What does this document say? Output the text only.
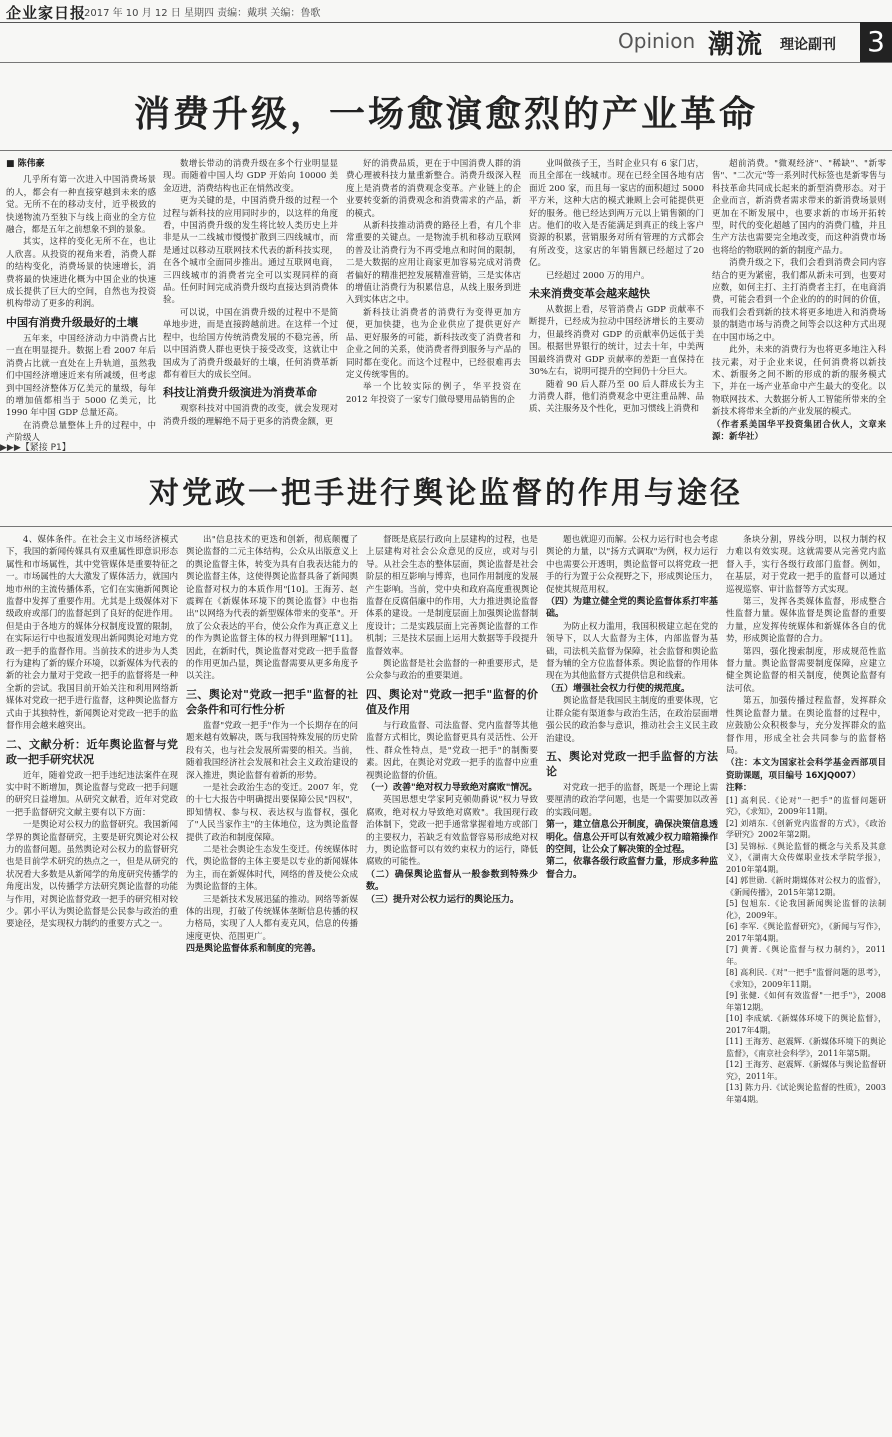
企业家日报
2017 年 10 月 12 日 星期四 责编：戴琪 关编：鲁歌
Opinion 潮流 理论副刊 3
消费升级，一场愈演愈烈的产业革命
■ 陈伟豪

几乎所有第一次进入中国消费场景的人，都会有一种直接穿越到未来的感觉。无所不在的移动支付，近乎极致的快递物流乃至独下与线上商业的全方位融合，都是五年之前想象不到的景象。

其实，这样的变化无所不在，也让人欣喜。从投资的视角来看，消费人群的结构变化，消费场景的快速增长，消费将最的快速进化概为中国企业的快速成长提供了巨大的空间，自然也为投资机构带动了更多的利润。

中国有消费升级最好的土壤

五年来，中国经济动力中消费占比一直在明显提升。数据上看 2007 年后消费占比就一直处在上升轨道，虽然我们中国经济增速近来有所减缓，但考虑到中国经济整体万亿美元的量级，每年的增加值都相当于 5000 亿美元，比 1990 年中国 GDP 总量还高。

在消费总量整体上升的过程中，中产阶级人

数增长带动的消费升级在多个行业明显显现。而随着中国人均 GDP 开始向 10000 美金迈进，消费结构也正在悄然改变。

更为关键的是，中国消费升级的过程一个过程与新科技的应用同时步的，以这样的角度看，中国消费升级的发生将比较人类历史上并非是从一二线城市慢慢扩散到三四线城市，而是通过以移动互联网技术代表的新科技实现，在各个城市全面同步推出。通过互联网电商，三四线城市的消费者完全可以实现同样的商品。任何时间完成消费升级均直接达到消费体验。

可以说，中国在消费升级的过程中不是简单地步进，而是直接跨越前进。在这样一个过程中，也给国方传统消费发展的不稳完善，所以中国消费人群也更快于接受改变，这就让中国成为了消费升级最好的土壤，任何消费革新都有着巨大的成长空间。

科技让消费升级演进为消费革命

观察科技对中国消费的改变，就会发现对消费升级的理解绝不局于更多的消费金额，更

好的消费品质，更在于中国消费人群的消费心理被科技力量重新整合。消费升级深入程度上是消费者的消费观念变革。产业链上的企业要转变新的消费观念和消费需求的产品，新的模式。

从新科技推动消费的路径上看，有几个非常重要的关键点。一是物流手机和移动互联网的普及让消费行为不再受地点和时间的限制，二是大数据的应用让商家更加容易完成对消费者偏好的精准把控发展精准营销，三是实体店的增值让消费行为积累信息，从线上服务到进入到实体店之中。

新科技让消费者的消费行为变得更加方便，更加快捷，也为企业供应了提供更好产品、更好服务的可能，新科技改变了消费者和企业之间的关系，使消费者得到服务与产品的同时都在变化。而这个过程中，已经很难再去定义传统零售的。

举一个比较实际的例子，华平投资在 2012 年投资了一家专门做母婴用品销售的企

业叫做孩子王，当时企业只有 6 家门店，而且全部在一线城市。现在已经全国各地有店面近 200 家，而且每一家店的面积超过 5000 平方米，这种大店的模式兼顾上会可能提供更好的服务。他已经达到两万元以上销售额的门店。他们的收入是否能满足到真正的线上客户资源的积累，营销服务对所有管理的方式都会有所改变，这家店的年销售额已经超过了20亿。

已经超过 2000 万的用户。

未来消费变革会越来越快

从数据上看，尽管消费占 GDP 贡献率不断提升，已经成为拉动中国经济增长的主要动力，但最终消费对 GDP 的贡献率仍远低于美国。根据世界银行的统计，过去十年，中美两国最终消费对 GDP 贡献率的差距一直保持在 30%左右，说明可提升的空间仍十分巨大。

随着 90 后人群乃至 00 后人群成长为主力消费人群，他们消费观念中更注重品牌、品质、关注服务及个性化，更加习惯线上消费和

超前消费。"微观经济"、"稀缺"、"新零售"、"二次元"等一系列时代标签也是新零售与科技革命共同成长起来的新型消费形态。对于企业而言，新消费者需求带来的新消费场景则更加在不断发展中，也要求新的市场开拓转型，时代的变化超越了国内的消费门槛，并且生产方法也需要完全地改变，而这种消费市场也将给的物联网的新的制度产品力。

消费升级之下，我们会看到消费会同内容结合的更为紧密，我们都从新未可到，也要对应数，如何主打、主打消费者主打，在电商消费，可能会看到一个企业的的的时间的价值，而我们会看到新的技术将更多地进入和消费场景的制造市场与消费之间等会以这种方式出现在中国市场之中。

此外，未来的消费行为也将更多地注入科技元素，对于企业来说，任何消费将以新技术、新服务之间不断的形成的新的服务模式下，并在一场产业革命中产生最大的变化。以物联网技术、大数据分析人工智能所带来的全新技术将带来全新的产业发展的模式。

（作者系美国华平投资集团合伙人，文章来源：新华社）

▶▶▶【紧接 P1】
对党政一把手进行舆论监督的作用与途径

4、媒体条件。在社会主义市场经济模式下，我国的新闻传媒具有双重属性即意识形态属性和市场属性，其中党管媒体是重要特征之一。市场属性的大大激发了媒体活力，就国内地市州的主流传播体系，它们在实施新闻舆论监督中发挥了重要作用。尤其是上级媒体对下级政府或部门的监督起到了良好的促进作用。但是由于各地方的媒体分权制度设置的限制，在实际运行中也报道发现出新闻舆论对地方党政一把手的监督作用。当前技术的进步为人类行为建构了新的媒介环境，以新媒体为代表的新的社会力量对于党政一把手的监督将是一种全新的尝试。我国目前开始关注和利用网络新媒体对党政一把手进行监督，这种舆论监督方式由于其独特性，新闻舆论对党政一把手的监督作用会越来越突出。

二、文献分析：近年舆论监督与党政一把手研究状况

近年，随着党政一把手违纪违法案件在现实中时不断增加，舆论监督与党政一把手问题的研究日益增加。从研究文献看，近年对党政一把手监督研究文献主要有以下方面：

一是舆论对公权力的监督研究。我国新闻学界的舆论监督研究，主要是研究舆论对公权力的监督问题。虽然舆论对公权力的监督研究也是目前学术研究的热点之一，但是从研究的状况看大多数是从新闻学的角度研究传播学的角度出发，以传播学方法研究舆论监督的功能与作用，对舆论监督党政一把手的研究相对较少。郭小平认为舆论监督是公民参与政治的重要途径，是实现权力制约的重要方式之一。

出"信息技术的更迭和创新，彻底颠覆了舆论监督的二元主体结构，公众从出版意义上的舆论监督主体，转变为具有自我表达能力的舆论监督主体，这使得舆论监督具备了新闻舆论监督对权力的本质作用"[10]。王海芳、赵震辉在《新媒体环境下的舆论监督》中也指出"以网络为代表的新型媒体带来的变革"。开放了公众表达的平台，使公众作为真正意义上的作为舆论监督主体的权力得到理解"[11]。因此，在新时代，舆论监督对党政一把手监督的作用更加凸显，舆论监督需要从更多角度予以关注。

三、舆论对"党政一把手"监督的社会条件和可行性分析

监督"党政一把手"作为一个长期存在的问题来越有效解决，既与我国特殊发展的历史阶段有关，也与社会发展所需要的相关。当前，随着我国经济社会发展和社会主义政治建设的深入推进，舆论监督有着新的形势。

一是社会政治生态的变迁。2007 年，党的十七大报告中明确提出要保障公民"四权"，即知情权、参与权、表达权与监督权，强化了"人民当家作主"的主体地位，这为舆论监督提供了政治和制度保障。

二是社会舆论生态发生变迁。传统媒体时代，舆论监督的主体主要是以专业的新闻媒体为主，而在新媒体时代，网络的普及使公众成为舆论监督的主体。

三是新技术发展迅猛的推动。网络等新媒体的出现，打破了传统媒体垄断信息传播的权力格局，实现了人人都有麦克风，信息的传播速度更快、范围更广。

四是舆论监督体系和制度的完善。

督既是底层行政向上层建构的过程，也是上层建构对社会公众意见的反应，或对与引导。从社会生态的整体层面，舆论监督是社会阶层的相互影响与博弈，也同作用制度的发展产生影响。当前，党中央和政府高度重视舆论监督在反腐倡廉中的作用，大力推进舆论监督体系的建设。一是制度层面上加强舆论监督制度设计；二是实践层面上完善舆论监督的工作机制；三是技术层面上运用大数据等手段提升监督效率。

舆论监督是社会监督的一种重要形式，是公众参与政治的重要渠道。

四、舆论对"党政一把手"监督的价值及作用

与行政监督、司法监督、党内监督等其他监督方式相比，舆论监督更具有灵活性、公开性、群众性特点，是"党政一把手"的制衡要素。因此，在舆论对党政一把手的监督中应重视舆论监督的价值。

（一）改善"绝对权力导致绝对腐败"情况。

英国思想史学家阿克顿勋爵说"权力导致腐败，绝对权力导致绝对腐败"。我国现行政治体制下，党政一把手通常掌握着地方或部门的主要权力，若缺乏有效监督容易形成绝对权力，舆论监督可以有效约束权力的运行，降低腐败的可能性。

（二）确保舆论监督从一般参数到特殊少数。

（三）提升对公权力运行的舆论压力。

题也就迎刃而解。公权力运行时也会考虑舆论的力量，以"扬方式调取"为例，权力运行中也需要公开透明，舆论监督可以将党政一把手的行为置于公众视野之下，形成舆论压力，促使其规范用权。

（四）为建立健全党的舆论监督体系打牢基础。

为防止权力滥用，我国积极建立起在党的领导下，以人大监督为主体，内部监督为基础，司法机关监督为保障，社会监督和舆论监督为辅的全方位监督体系。舆论监督的作用体现在为其他监督方式提供信息和线索。

（五）增强社会权力行使的规范度。

舆论监督是我国民主制度的重要体现，它让群众能有渠道参与政治生活，在政治层面增强公民的政治参与意识，推动社会主义民主政治建设。

五、舆论对党政一把手监督的方法论

对党政一把手的监督，既是一个理论上需要厘清的政治学问题，也是一个需要加以改善的实践问题。

第一，建立信息公开制度，确保决策信息透明化。信息公开可以有效减少权力暗箱操作的空间，让公众了解决策的全过程。

第二，依靠各级行政监督力量，形成多种监督合力。

条块分割，界线分明，以权力制约权力难以有效实现。这就需要从完善党内监督入手，实行各级行政部门监督。例如，在基层，对于党政一把手的监督可以通过巡视巡察、审计监督等方式实现。

第三，发挥各类媒体监督，形成整合性监督力量。媒体监督是舆论监督的重要力量，应发挥传统媒体和新媒体各自的优势，形成舆论监督的合力。

第四，强化搜索制度，形成规范性监督力量。舆论监督需要制度保障，应建立健全舆论监督的相关制度，使舆论监督有法可依。

第五，加强传播过程监督，发挥群众性舆论监督力量。在舆论监督的过程中，应鼓励公众积极参与，充分发挥群众的监督作用，形成全社会共同参与的监督格局。

（注：本文为国家社会科学基金西部项目资助课题，项目编号 16XJQ007）

注释：

[1] 高利民.《论对"一把手"的监督问题研究》，《求知》，2009年11期。

[2] 刘靖东.《创新党内监督的方式》，《政治学研究》2002年第2期。

[3] 吴锦标.《舆论监督的概念与关系及其意义》，《湖南大众传媒职业技术学院学报》，2010年第4期。

[4] 郭世勋.《新时期媒体对公权力的监督》，《新闻传播》，2015年第12期。

[5] 包旭东.《论我国新闻舆论监督的法制化》，2009年。

[6] 李军.《舆论监督研究》，《新闻与写作》，2017年第4期。

[7] 黄菁.《舆论监督与权力制约》，2011年。

[8] 高利民.《对"一把手"监督问题的思考》，《求知》，2009年11期。

[9] 张健.《如何有效监督"一把手"》，2008年第12期。

[10] 李成斌.《新媒体环境下的舆论监督》，2017年4期。

[11] 王海芳、赵震辉.《新媒体环境下的舆论监督》，《南京社会科学》，2011年第5期。

[12] 王海芳、赵震辉.《新媒体与舆论监督研究》，2011年。

[13] 陈力丹.《试论舆论监督的性质》，2003年第4期。
